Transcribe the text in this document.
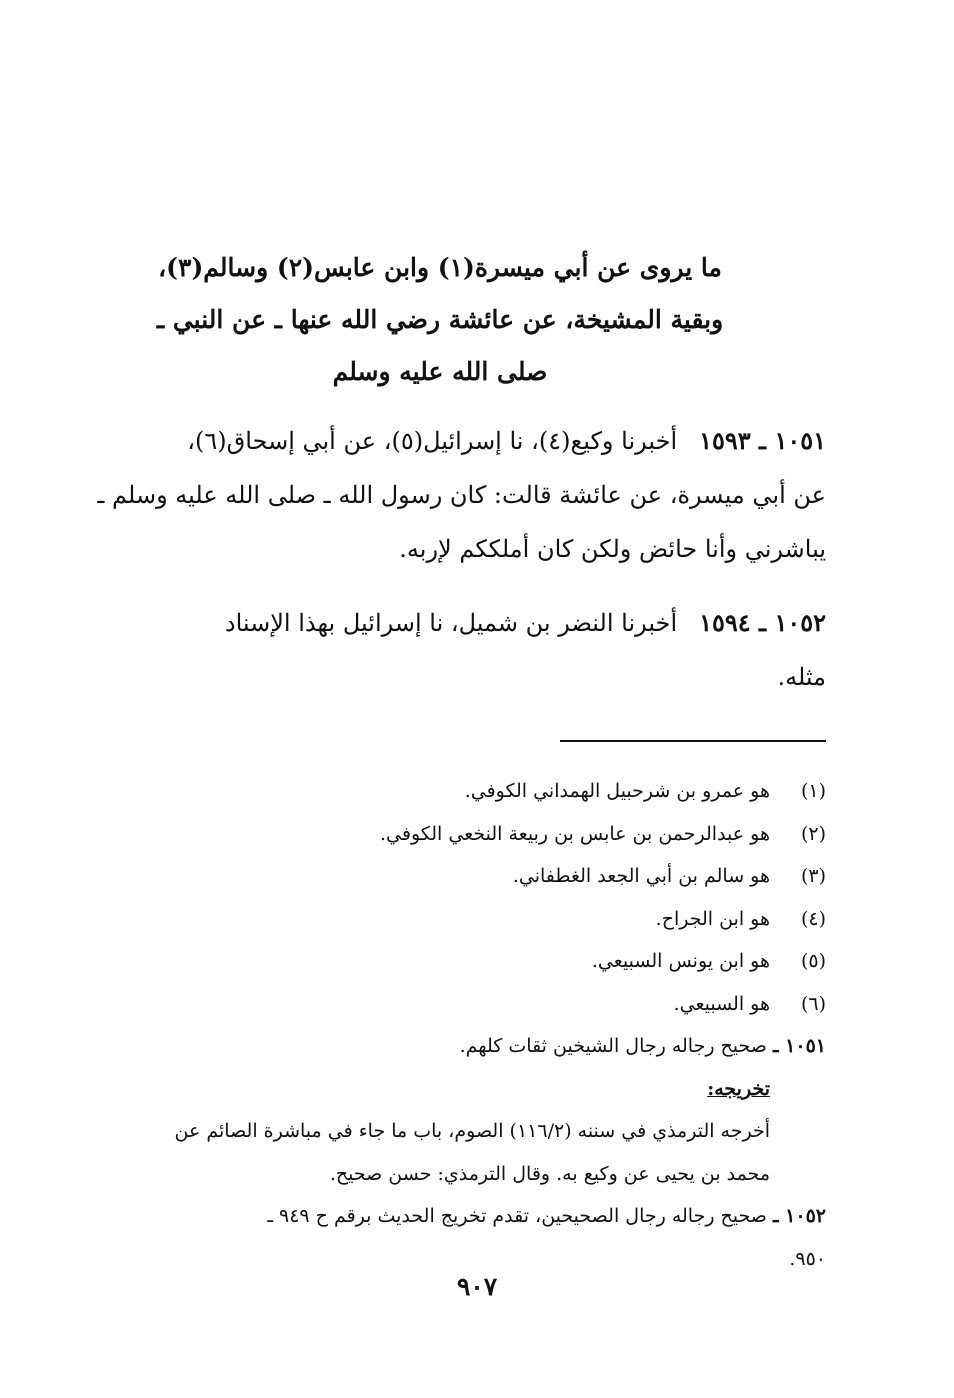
ما يروى عن أبي ميسرة(١) وابن عابس(٢) وسالم(٣)،
وبقية المشيخة، عن عائشة رضي الله عنها ـ عن النبي ـ
صلى الله عليه وسلم
١٠٥١ ـ ١٥٩٣أخبرنا وكيع(٤)، نا إسرائيل(٥)، عن أبي إسحاق(٦)،
عن أبي ميسرة، عن عائشة قالت: كان رسول الله ـ صلى الله عليه وسلم ـ
يباشرني وأنا حائض ولكن كان أملككم لإربه.
١٠٥٢ ـ ١٥٩٤أخبرنا النضر بن شميل، نا إسرائيل بهذا الإسناد
مثله.
(١)هو عمرو بن شرحبيل الهمداني الكوفي.
(٢)هو عبدالرحمن بن عابس بن ربيعة النخعي الكوفي.
(٣)هو سالم بن أبي الجعد الغطفاني.
(٤)هو ابن الجراح.
(٥)هو ابن يونس السبيعي.
(٦)هو السبيعي.
١٠٥١ ـ صحيح رجاله رجال الشيخين ثقات كلهم.
تخريجه:
أخرجه الترمذي في سننه (١١٦/٢) الصوم، باب ما جاء في مباشرة الصائم عن
محمد بن يحيى عن وكيع به. وقال الترمذي: حسن صحيح.
١٠٥٢ ـ صحيح رجاله رجال الصحيحين، تقدم تخريج الحديث برقم ح ٩٤٩ ـ
٩٥٠.
٩٠٧
